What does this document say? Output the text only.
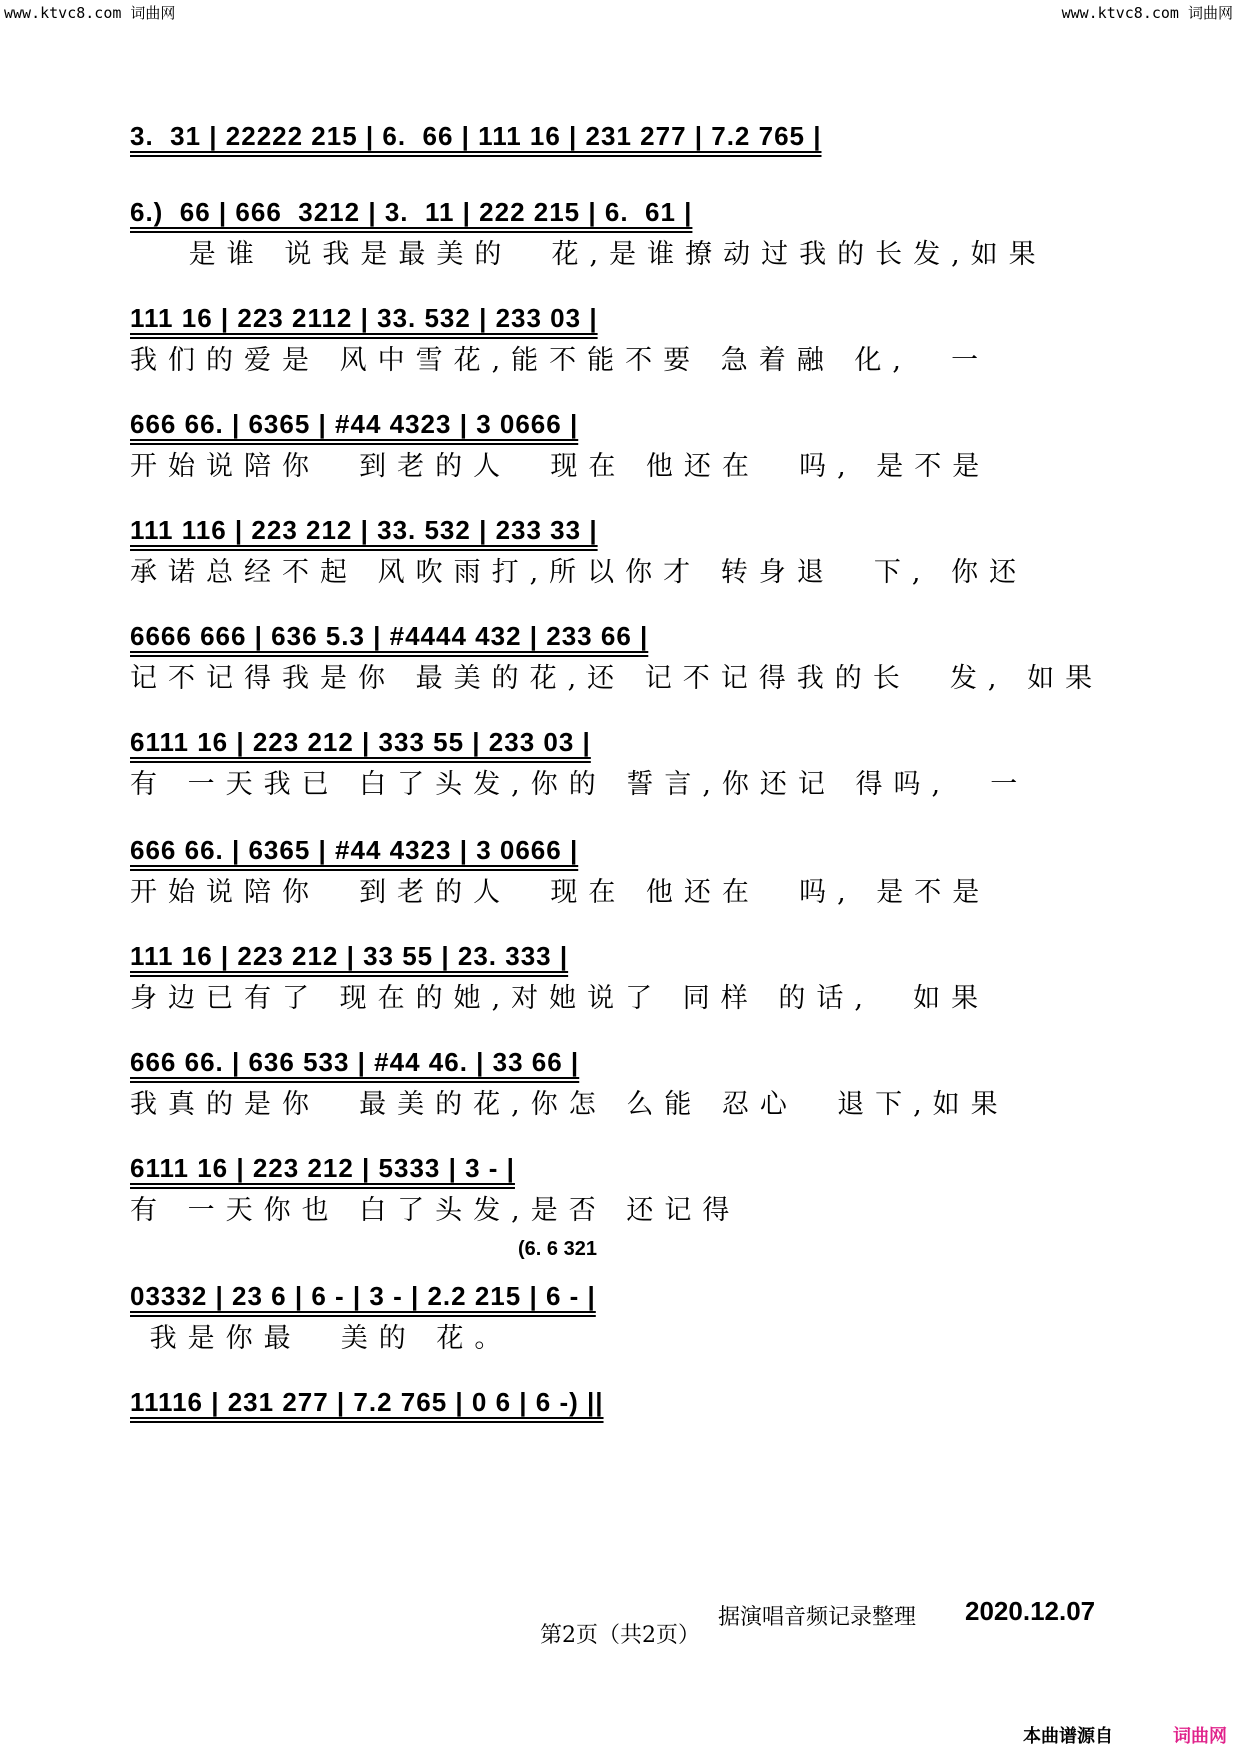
www.ktvc8.com 词曲网	www.ktvc8.com 词曲网
3.  31 | 22222 215 | 6.  66 | 111 16 | 231 277 | 7.2 765 |
6.)  66 | 666  3212 | 3.  11 | 222 215 | 6.  61 |
是谁 说我是最美的  花,是谁撩动过我的长发,如果
111 16 | 223 2112 | 33. 532 | 233 03 |
我们的爱是 风中雪花,能不能不要 急着融 化,  一
666 66. | 6365 | #44 4323 | 3 0666 |
开始说陪你  到老的人  现在 他还在  吗, 是不是
111 116 | 223 212 | 33. 532 | 233 33 |
承诺总经不起 风吹雨打,所以你才 转身退  下, 你还
6666 666 | 636 5.3 | #4444 432 | 233 66 |
记不记得我是你 最美的花,还 记不记得我的长  发, 如果
6111 16 | 223 212 | 333 55 | 233 03 |
有 一天我已 白了头发,你的 誓言,你还记 得吗,  一
666 66. | 6365 | #44 4323 | 3 0666 |
开始说陪你  到老的人  现在 他还在  吗, 是不是
111 16 | 223 212 | 33 55 | 23. 333 |
身边已有了 现在的她,对她说了 同样 的话,  如果
666 66. | 636 533 | #44 46. | 33 66 |
我真的是你  最美的花,你怎 么能 忍心  退下,如果
6111 16 | 223 212 | 5333 | 3 - |
有 一天你也 白了头发,是否 还记得
(6. 6 321
03332 | 23 6 | 6 - | 3 - | 2.2 215 | 6 - |
我是你最  美的 花。
11116 | 231 277 | 7.2 765 | 0 6 | 6 -) ||
第2页（共2页）
据演唱音频记录整理 2020.12.07
本曲谱源自	词曲网
